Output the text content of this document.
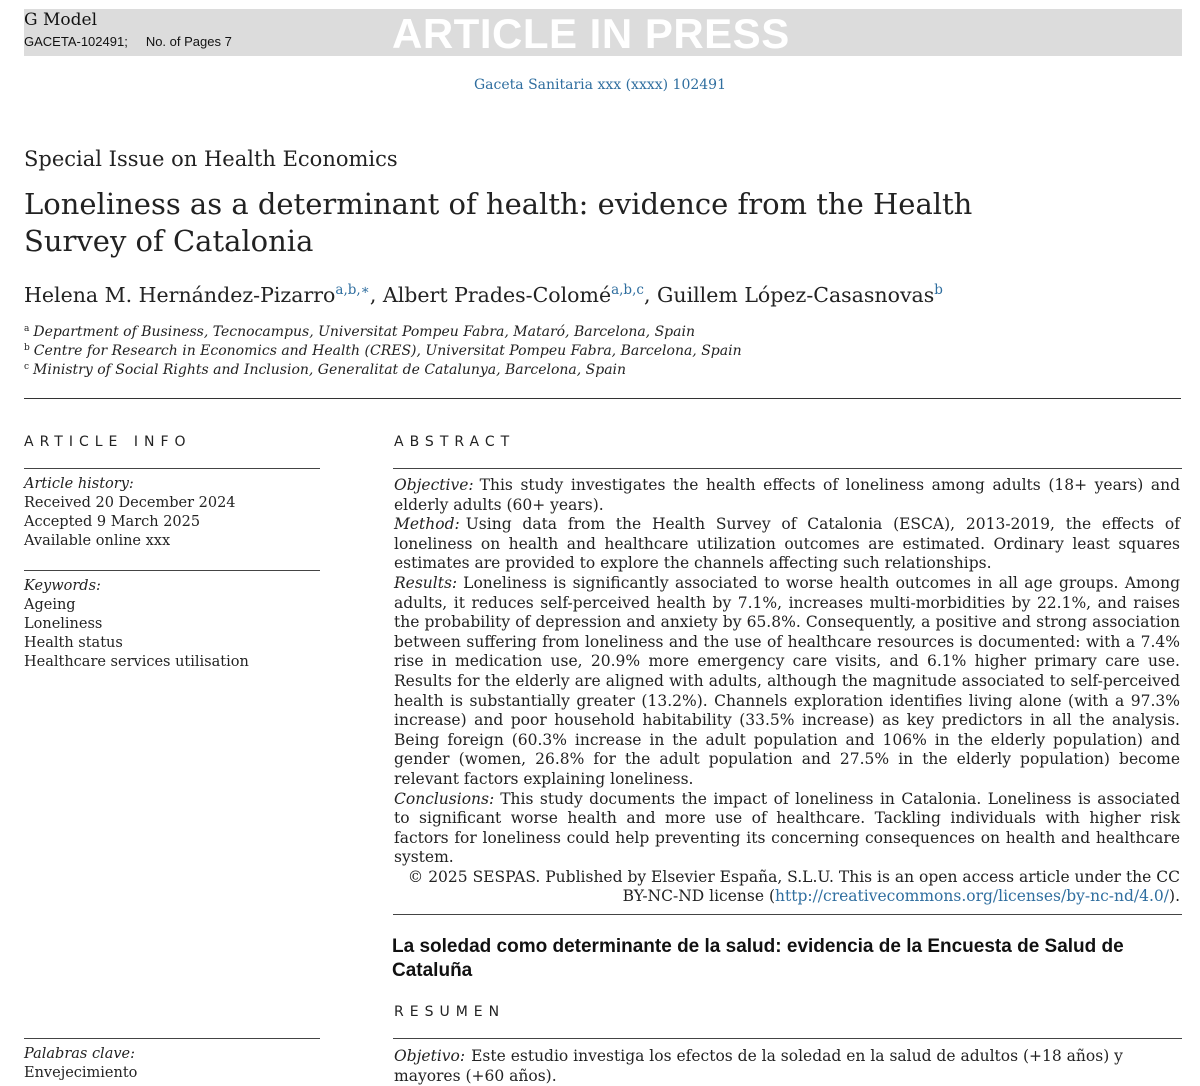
G Model
GACETA-102491; No. of Pages 7	ARTICLE IN PRESS
Gaceta Sanitaria xxx (xxxx) 102491
Special Issue on Health Economics
Loneliness as a determinant of health: evidence from the Health
Survey of Catalonia
Helena M. Hernández-Pizarro$^{a,b,∗}$, Albert Prades-Colomé$^{a,b,c}$, Guillem López-Casasnovas$^b$
$^a$ Department of Business, Tecnocampus, Universitat Pompeu Fabra, Mataró, Barcelona, Spain
$^b$ Centre for Research in Economics and Health (CRES), Universitat Pompeu Fabra, Barcelona, Spain
$^c$ Ministry of Social Rights and Inclusion, Generalitat de Catalunya, Barcelona, Spain
ARTICLE INFO
Article history:
Received 20 December 2024
Accepted 9 March 2025
Available online xxx
Keywords:
Ageing
Loneliness
Health status
Healthcare services utilisation
ABSTRACT

Objective: This study investigates the health effects of loneliness among adults (18+ years) and elderly adults (60+ years).

Method: Using data from the Health Survey of Catalonia (ESCA), 2013-2019, the effects of loneliness on health and healthcare utilization outcomes are estimated. Ordinary least squares estimates are provided to explore the channels affecting such relationships.

Results: Loneliness is significantly associated to worse health outcomes in all age groups. Among adults, it reduces self-perceived health by 7.1%, increases multi-morbidities by 22.1%, and raises the probability of depression and anxiety by 65.8%. Consequently, a positive and strong association between suffering from loneliness and the use of healthcare resources is documented: with a 7.4% rise in medication use, 20.9% more emergency care visits, and 6.1% higher primary care use. Results for the elderly are aligned with adults, although the magnitude associated to self-perceived health is substantially greater (13.2%). Channels exploration identifies living alone (with a 97.3% increase) and poor household habitability (33.5% increase) as key predictors in all the analysis. Being foreign (60.3% increase in the adult population and 106% in the elderly population) and gender (women, 26.8% for the adult population and 27.5% in the elderly population) become relevant factors explaining loneliness.

Conclusions: This study documents the impact of loneliness in Catalonia. Loneliness is associated to significant worse health and more use of healthcare. Tackling individuals with higher risk factors for loneliness could help preventing its concerning consequences on health and healthcare system.

© 2025 SESPAS. Published by Elsevier España, S.L.U. This is an open access article under the CC
BY-NC-ND license (http://creativecommons.org/licenses/by-nc-nd/4.0/).

La soledad como determinante de la salud: evidencia de la Encuesta de Salud de Cataluña
RESUMEN
Palabras clave:
Envejecimiento
Objetivo: Este estudio investiga los efectos de la soledad en la salud de adultos (+18 años) y mayores (+60 años).
